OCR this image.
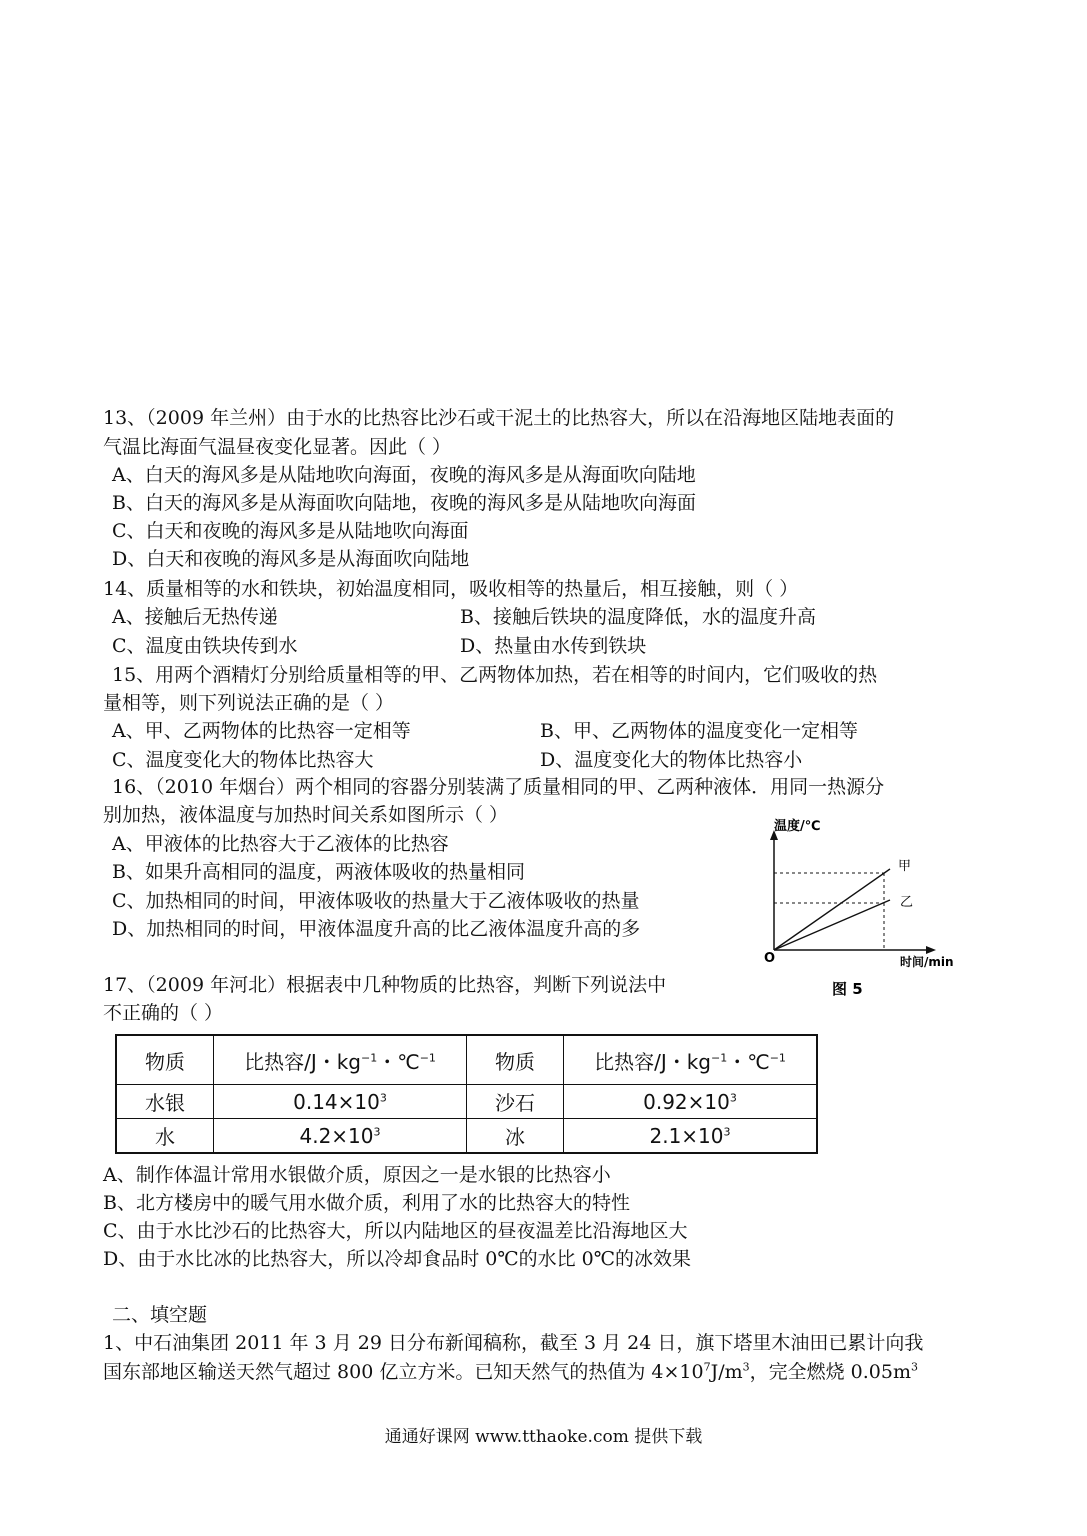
13、（2009 年兰州）由于水的比热容比沙石或干泥土的比热容大，所以在沿海地区陆地表面的
气温比海面气温昼夜变化显著。因此（ ）
A、白天的海风多是从陆地吹向海面，夜晚的海风多是从海面吹向陆地
B、白天的海风多是从海面吹向陆地，夜晚的海风多是从陆地吹向海面
C、白天和夜晚的海风多是从陆地吹向海面
D、白天和夜晚的海风多是从海面吹向陆地
14、质量相等的水和铁块，初始温度相同，吸收相等的热量后，相互接触，则（ ）
A、接触后无热传递	B、接触后铁块的温度降低，水的温度升高
C、温度由铁块传到水	D、热量由水传到铁块
15、用两个酒精灯分别给质量相等的甲、乙两物体加热，若在相等的时间内，它们吸收的热
量相等，则下列说法正确的是（ ）
A、甲、乙两物体的比热容一定相等	B、甲、乙两物体的温度变化一定相等
C、温度变化大的物体比热容大	D、温度变化大的物体比热容小
16、（2010 年烟台）两个相同的容器分别装满了质量相同的甲、乙两种液体．用同一热源分
别加热，液体温度与加热时间关系如图所示（ ）
A、甲液体的比热容大于乙液体的比热容
B、如果升高相同的温度，两液体吸收的热量相同
C、加热相同的时间，甲液体吸收的热量大于乙液体吸收的热量
D、加热相同的时间，甲液体温度升高的比乙液体温度升高的多
温度/℃
甲
乙
O	时间/min
图 5
17、（2009 年河北）根据表中几种物质的比热容，判断下列说法中
不正确的（ ）
物质	比热容/J・$kg^{-1}$・℃$^{-1}$	物质	比热容/J・$kg^{-1}$・℃$^{-1}$
水银	$0.14\times 10^3$	沙石	$0.92\times 10^3$
水	$4.2\times 10^3$	冰	$2.1\times 10^3$
A、制作体温计常用水银做介质，原因之一是水银的比热容小
B、北方楼房中的暖气用水做介质，利用了水的比热容大的特性
C、由于水比沙石的比热容大，所以内陆地区的昼夜温差比沿海地区大
D、由于水比冰的比热容大，所以冷却食品时 0℃的水比 0℃的冰效果
二、填空题
1、中石油集团 2011 年 3 月 29 日分布新闻稿称，截至 3 月 24 日，旗下塔里木油田已累计向我
国东部地区输送天然气超过 800 亿立方米。已知天然气的热值为 $4\times 10^7J/m^3$，完全燃烧 $0.05m^3$
通通好课网 www.tthaoke.com 提供下载
